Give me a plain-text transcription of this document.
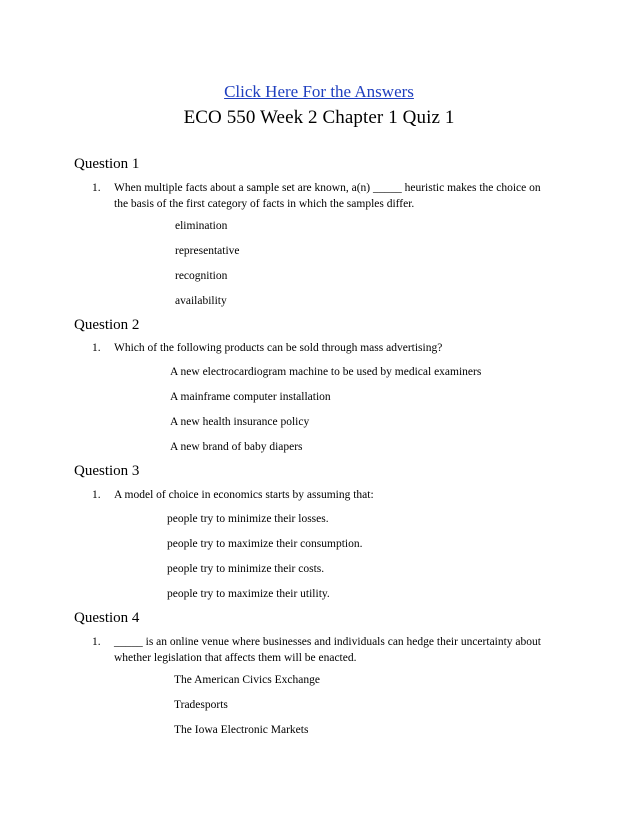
Click Here For the Answers
ECO 550 Week 2 Chapter 1 Quiz 1
Question 1
1. When multiple facts about a sample set are known, a(n) _____ heuristic makes the choice on the basis of the first category of facts in which the samples differ.
elimination
representative
recognition
availability
Question 2
1. Which of the following products can be sold through mass advertising?
A new electrocardiogram machine to be used by medical examiners
A mainframe computer installation
A new health insurance policy
A new brand of baby diapers
Question 3
1. A model of choice in economics starts by assuming that:
people try to minimize their losses.
people try to maximize their consumption.
people try to minimize their costs.
people try to maximize their utility.
Question 4
1. _____ is an online venue where businesses and individuals can hedge their uncertainty about whether legislation that affects them will be enacted.
The American Civics Exchange
Tradesports
The Iowa Electronic Markets
